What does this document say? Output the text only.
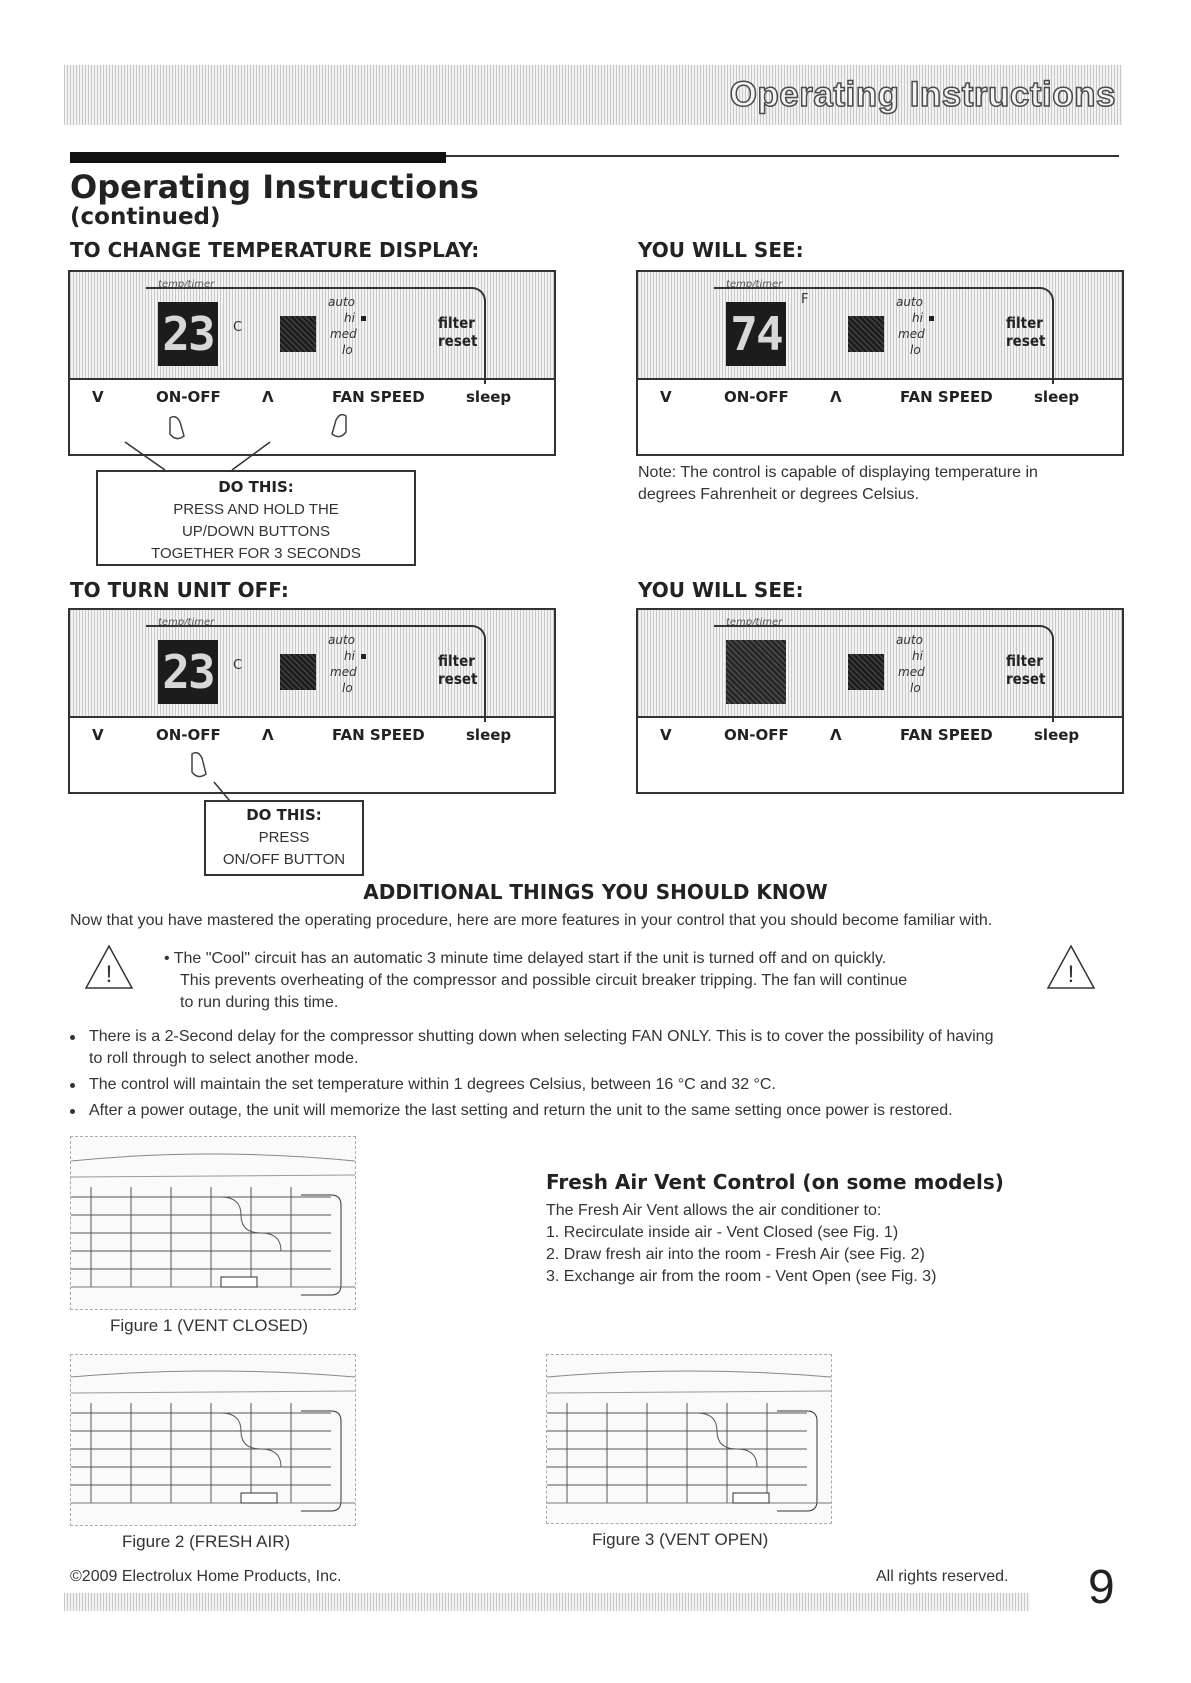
Operating Instructions
Operating Instructions
(continued)
TO CHANGE TEMPERATURE DISPLAY:	YOU WILL SEE:
TO TURN UNIT OFF:	YOU WILL SEE:
temp/timer
23	C
auto
hi
med
lo
filter
reset
V	ON-OFF	Λ	FAN SPEED	sleep
DO THIS:
PRESS AND HOLD THE
UP/DOWN BUTTONS
TOGETHER FOR 3 SECONDS
temp/timer
74
F	auto
hi
med
lo
filter
reset
V	ON-OFF	Λ	FAN SPEED	sleep
Note: The control is capable of displaying temperature in
degrees Fahrenheit or degrees Celsius.
temp/timer
23	C
auto
hi
med
lo
filter
reset
V	ON-OFF	Λ	FAN SPEED	sleep
DO THIS:
PRESS
ON/OFF BUTTON
temp/timer
auto
hi
med
lo
filter
reset
V	ON-OFF	Λ	FAN SPEED	sleep
ADDITIONAL THINGS YOU SHOULD KNOW
Now that you have mastered the operating procedure, here are more features in your control that you should become familiar with.
!
• The "Cool" circuit has an automatic 3 minute time delayed start if the unit is turned off and on quickly.
This prevents overheating of the compressor and possible circuit breaker tripping. The fan will continue
to run during this time.
!
There is a 2-Second delay for the compressor shutting down when selecting FAN ONLY. This is to cover the possibility of having
to roll through to select another mode.
The control will maintain the set temperature within 1 degrees Celsius, between 16 °C and 32 °C.
After a power outage, the unit will memorize the last setting and return the unit to the same setting once power is restored.
Figure 1 (VENT CLOSED)
Fresh Air Vent Control (on some models)
The Fresh Air Vent allows the air conditioner to:
1. Recirculate inside air - Vent Closed (see Fig. 1)
2. Draw fresh air into the room - Fresh Air (see Fig. 2)
3. Exchange air from the room - Vent Open (see Fig. 3)
Figure 2 (FRESH AIR)	Figure 3 (VENT OPEN)
©2009 Electrolux Home Products, Inc.	All rights reserved. 9
